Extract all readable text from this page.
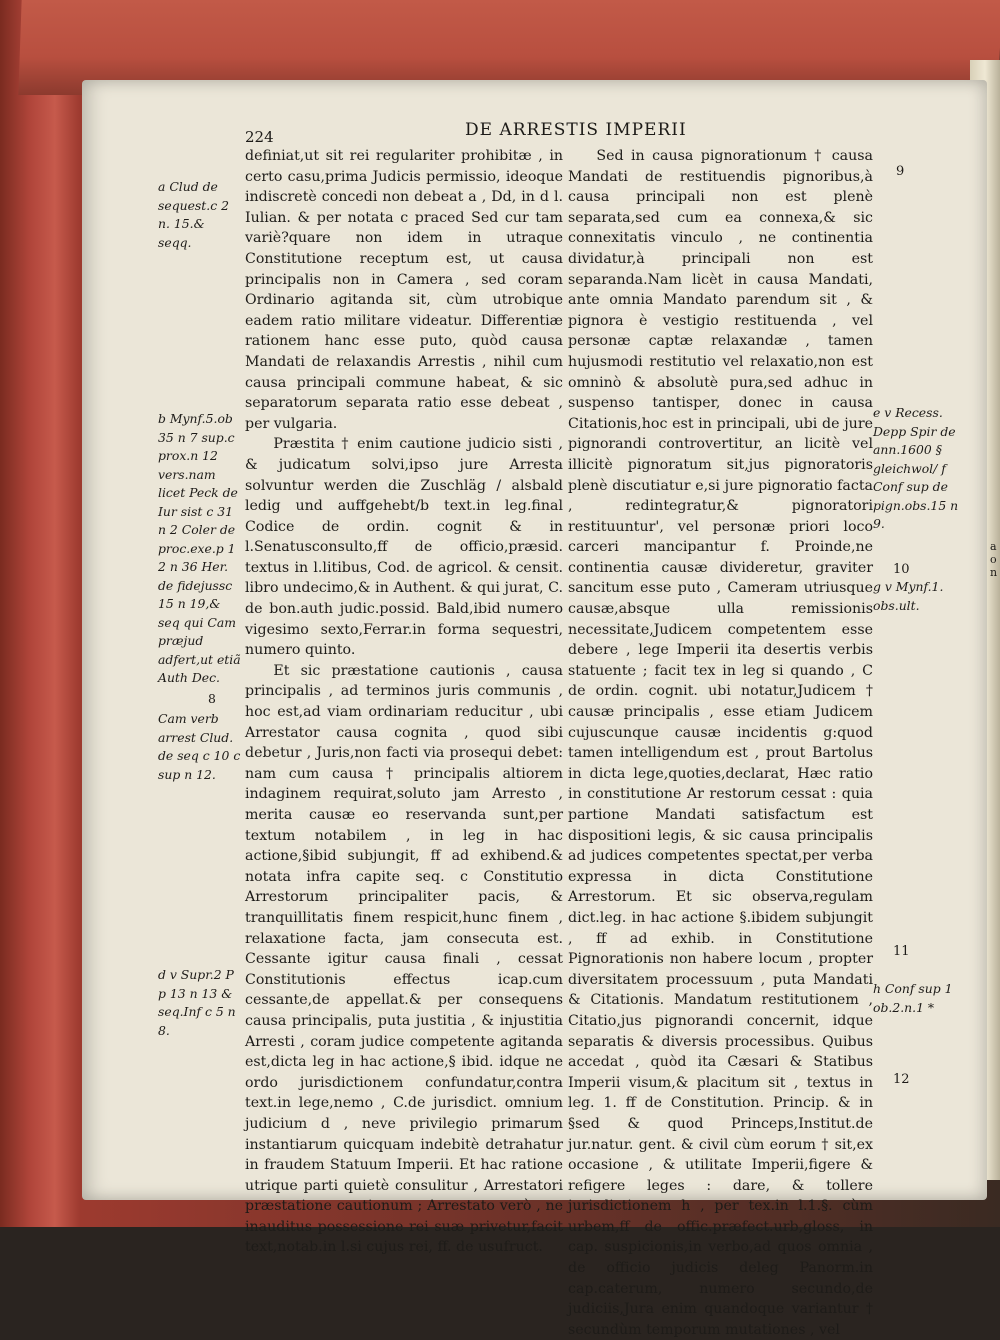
224	DE ARRESTIS IMPERII

definiat,ut sit rei regulariter prohibitæ , in certo casu,prima Judicis permissio, ideoque indiscretè concedi non debeat a , Dd, in d l. Iulian. & per notata c praced Sed cur tam variè?quare non idem in utraque Constitutione receptum est, ut causa principalis non in Camera , sed coram Ordinario agitanda sit, cùm utrobique eadem ratio militare videatur. Differentiæ rationem hanc esse puto, quòd causa Mandati de relaxandis Arrestis , nihil cum causa principali commune habeat, & sic separatorum separata ratio esse debeat , per vulgaria.

Præstita † enim cautione judicio sisti , & judicatum solvi,ipso jure Arresta solvuntur werden die Zuschläg / alsbald ledig und auffgehebt/b text.in leg.final Codice de ordin. cognit & in l.Senatusconsulto,ff de officio,præsid. textus in l.litibus, Cod. de agricol. & censit. libro undecimo,& in Authent. & qui jurat, C. de bon.auth judic.possid. Bald,ibid numero vigesimo sexto,Ferrar.in forma sequestri, numero quinto.

Et sic præstatione cautionis , causa principalis , ad terminos juris communis , hoc est,ad viam ordinariam reducitur , ubi Arrestator causa cognita , quod sibi debetur , Juris,non facti via prosequi debet: nam cum causa † principalis altiorem indaginem requirat,soluto jam Arresto , merita causæ eo reservanda sunt,per textum notabilem , in leg in hac actione,§ibid subjungit, ff ad exhibend.& notata infra capite seq. c Constitutio Arrestorum principaliter pacis, & tranquillitatis finem respicit,hunc finem , relaxatione facta, jam consecuta est. Cessante igitur causa finali , cessat Constitutionis effectus icap.cum cessante,de appellat.& per consequens causa principalis, puta justitia , & injustitia Arresti , coram judice competente agitanda est,dicta leg in hac actione,§ ibid. idque ne ordo jurisdictionem confundatur,contra text.in lege,nemo , C.de jurisdict. omnium judicium d , neve privilegio primarum instantiarum quicquam indebitè detrahatur in fraudem Statuum Imperii. Et hac ratione utrique parti quietè consulitur , Arrestatori præstatione cautionum ; Arrestato verò , ne inauditus possessione rei suæ privetur,facit text,notab.in l.si cujus rei, ff. de usufruct.

Sed in causa pignorationum † causa Mandati de restituendis pignoribus,à causa principali non est plenè separata,sed cum ea connexa,& sic connexitatis vinculo , ne continentia dividatur,à principali non est separanda.Nam licèt in causa Mandati, ante omnia Mandato parendum sit , & pignora è vestigio restituenda , vel personæ captæ relaxandæ , tamen hujusmodi restitutio vel relaxatio,non est omninò & absolutè pura,sed adhuc in suspenso tantisper, donec in causa Citationis,hoc est in principali, ubi de jure pignorandi controvertitur, an licitè vel illicitè pignoratum sit,jus pignoratoris plenè discutiatur e,si jure pignoratio facta , redintegratur,& pignoratori restituuntur', vel personæ priori loco carceri mancipantur f. Proinde,ne continentia causæ divideretur, graviter sancitum esse puto , Cameram utriusque causæ,absque ulla remissionis necessitate,Judicem competentem esse debere , lege Imperii ita desertis verbis statuente ; facit tex in leg si quando , C de ordin. cognit. ubi notatur,Judicem † causæ principalis , esse etiam Judicem cujuscunque causæ incidentis g:quod tamen intelligendum est , prout Bartolus in dicta lege,quoties,declarat, Hæc ratio in constitutione Ar restorum cessat : quia partione Mandati satisfactum est dispositioni legis, & sic causa principalis ad judices competentes spectat,per verba expressa in dicta Constitutione Arrestorum. Et sic observa,regulam dict.leg. in hac actione §.ibidem subjungit , ff ad exhib. in Constitutione Pignorationis non habere locum , propter diversitatem processuum , puta Mandati & Citationis. Mandatum restitutionem , Citatio,jus pignorandi concernit, idque separatis & diversis processibus. Quibus accedat , quòd ita Cæsari & Statibus Imperii visum,& placitum sit , textus in leg. 1. ff de Constitution. Princip. & in §sed & quod Princeps,Institut.de jur.natur. gent. & civil cùm eorum † sit,ex occasione , & utilitate Imperii,figere & refigere leges : dare, & tollere jurisdictionem h , per tex.in l.1.§. cùm urbem,ff de offic.præfect.urb,gloss, in cap. suspicionis,in verbo,ad quos omnia , de officio judicis deleg Panorm.in cap.caterum, numero secundo,de judiciis,Jura enim quandoque variantur † secundùm temporum mutationes , vel

a Clud de sequest.c 2 n. 15.& seqq.
b Mynf.5.ob 35 n 7 sup.c prox.n 12 vers.nam licet Peck de Iur sist c 31 n 2 Coler de proc.exe.p 1 2 n 36 Her. de fidejussc 15 n 19,& seq qui Cam præjud adfert,ut etiã Auth Dec.
8
Cam verb arrest Clud. de seq c 10 c sup n 12.
d v Supr.2 P p 13 n 13 & seq.Inf c 5 n 8.
9
e v Recess. Depp Spir de ann.1600 § gleichwol/ f Conf sup de pign.obs.15 n 9.
10
g v Mynf.1. obs.ult.
11
h Conf sup 1 ob.2.n.1 *
12
a o n
